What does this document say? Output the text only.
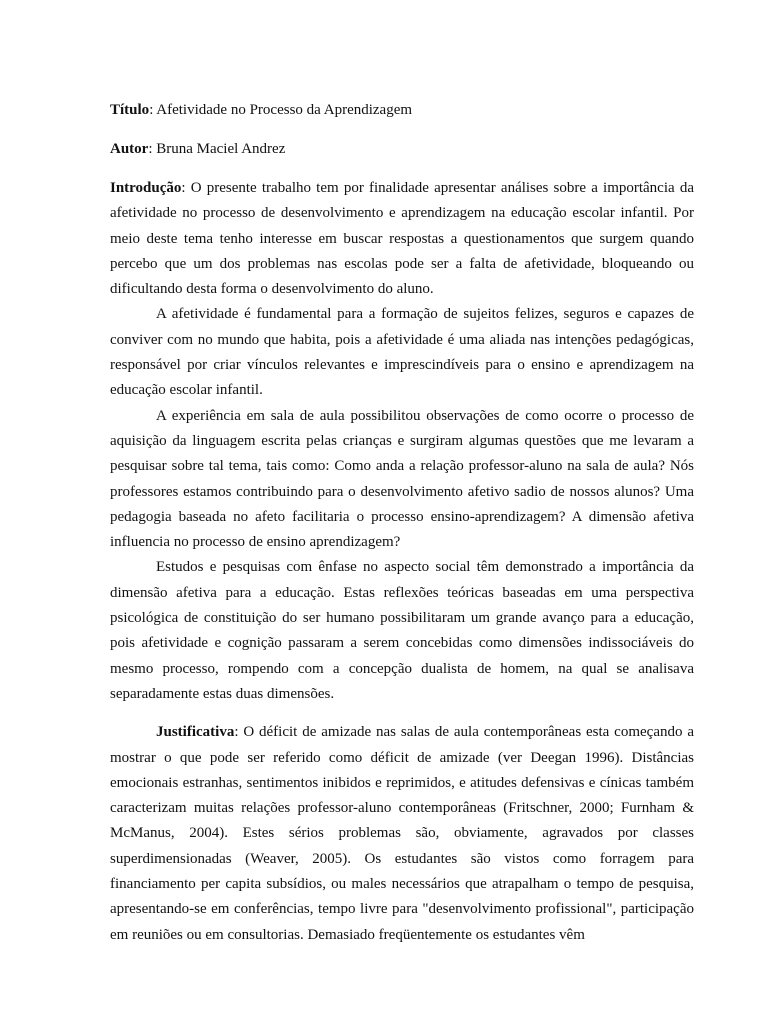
Título: Afetividade no Processo da Aprendizagem

Autor: Bruna Maciel Andrez

Introdução: O presente trabalho tem por finalidade apresentar análises sobre a importância da afetividade no processo de desenvolvimento e aprendizagem na educação escolar infantil. Por meio deste tema tenho interesse em buscar respostas a questionamentos que surgem quando percebo que um dos problemas nas escolas pode ser a falta de afetividade, bloqueando ou dificultando desta forma o desenvolvimento do aluno.

A afetividade é fundamental para a formação de sujeitos felizes, seguros e capazes de conviver com no mundo que habita, pois a afetividade é uma aliada nas intenções pedagógicas, responsável por criar vínculos relevantes e imprescindíveis para o ensino e aprendizagem na educação escolar infantil.

A experiência em sala de aula possibilitou observações de como ocorre o processo de aquisição da linguagem escrita pelas crianças e surgiram algumas questões que me levaram a pesquisar sobre tal tema, tais como: Como anda a relação professor-aluno na sala de aula? Nós professores estamos contribuindo para o desenvolvimento afetivo sadio de nossos alunos? Uma pedagogia baseada no afeto facilitaria o processo ensino-aprendizagem? A dimensão afetiva influencia no processo de ensino aprendizagem?

Estudos e pesquisas com ênfase no aspecto social têm demonstrado a importância da dimensão afetiva para a educação. Estas reflexões teóricas baseadas em uma perspectiva psicológica de constituição do ser humano possibilitaram um grande avanço para a educação, pois afetividade e cognição passaram a serem concebidas como dimensões indissociáveis do mesmo processo, rompendo com a concepção dualista de homem, na qual se analisava separadamente estas duas dimensões.

Justificativa: O déficit de amizade nas salas de aula contemporâneas esta começando a mostrar o que pode ser referido como déficit de amizade (ver Deegan 1996). Distâncias emocionais estranhas, sentimentos inibidos e reprimidos, e atitudes defensivas e cínicas também caracterizam muitas relações professor-aluno contemporâneas (Fritschner, 2000; Furnham & McManus, 2004). Estes sérios problemas são, obviamente, agravados por classes superdimensionadas (Weaver, 2005). Os estudantes são vistos como forragem para financiamento per capita subsídios, ou males necessários que atrapalham o tempo de pesquisa, apresentando-se em conferências, tempo livre para "desenvolvimento profissional", participação em reuniões ou em consultorias. Demasiado freqüentemente os estudantes vêm
